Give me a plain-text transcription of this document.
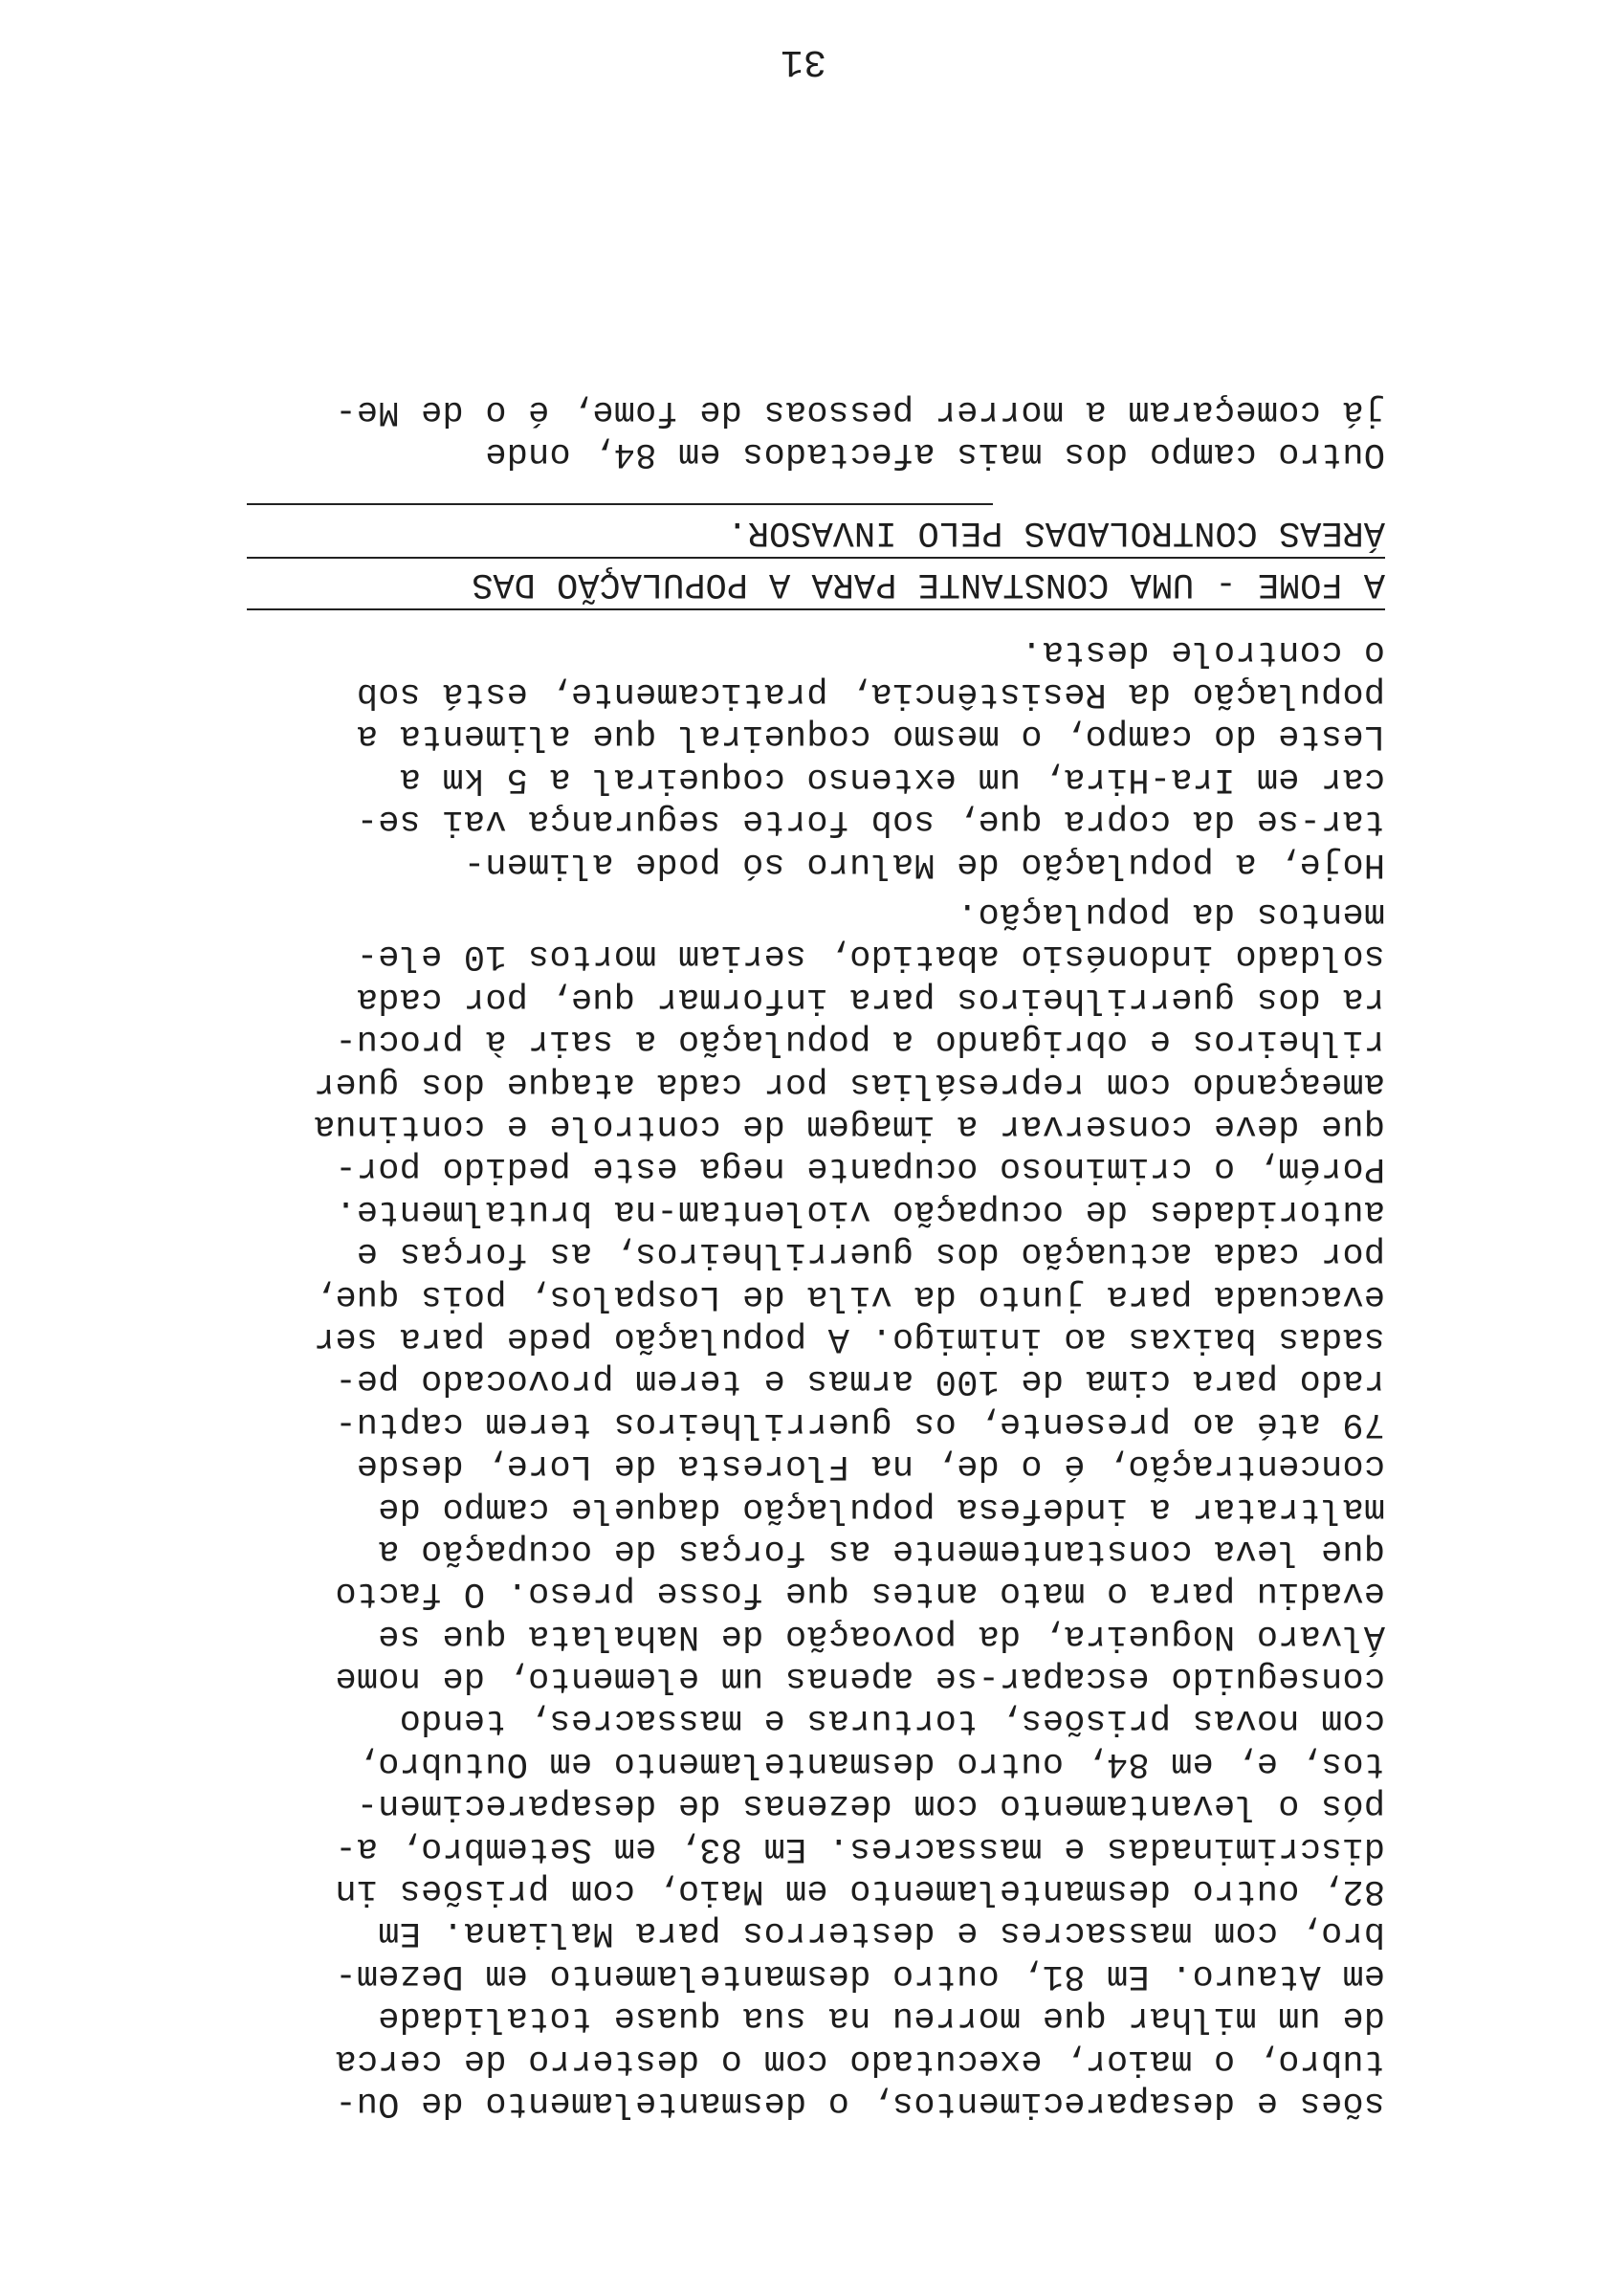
sões e desaparecimentos, o desmantelamento de Ou-
tubro, o maior, executado com o desterro de cerca
de um milhar que morreu na sua quase totalidade
em Atauro. Em 81, outro desmantelamento em Dezem-
bro, com massacres e desterros para Maliana. Em
82, outro desmantelamento em Maio, com prisões in
discriminadas e massacres. Em 83, em Setembro, a-
pós o levantamento com dezenas de desaparecimen-
tos, e, em 84, outro desmantelamento em Outubro,
com novas prisões, torturas e massacres, tendo
conseguido escapar-se apenas um elemento, de nome
Álvaro Nogueira, da povoação de Nahalata que se
evadiu para o mato antes que fosse preso. O facto
que leva constantemente as forças de ocupação a
maltratar a indefesa população daquele campo de
concentração, é o de, na Floresta de Lore, desde
79 até ao presente, os guerrilheiros terem captu-
rado para cima de 100 armas e terem provocado pe-
sadas baixas ao inimigo. A população pede para ser
evacuada para junto da vila de Lospalos, pois que,
por cada actuação dos guerrilheiros, as forças e
autoridades de ocupação violentam-na brutalmente.
Porém, o criminoso ocupante nega este pedido por-
que deve conservar a imagem de controle e continua
ameaçando com represálias por cada ataque dos guer
rilheiros e obrigando a população a sair à procu-
ra dos guerrilheiros para informar que, por cada
soldado indonésio abatido, seriam mortos 10 ele-
mentos da população.
Hoje, a população de Maluro só pode alimen-
tar-se da copra que, sob forte segurança vai se-
car em Ira-Hira, um extenso coqueiral a 5 km a
Leste do campo, o mesmo coqueiral que alimenta a
população da Resistência, praticamente, está sob
o controle desta.
A FOME - UMA CONSTANTE PARA A POPULAÇÃO DAS
ÁREAS CONTROLADAS PELO INVASOR.
Outro campo dos mais afectados em 84, onde
já começaram a morrer pessoas de fome, é o de Me-
31
